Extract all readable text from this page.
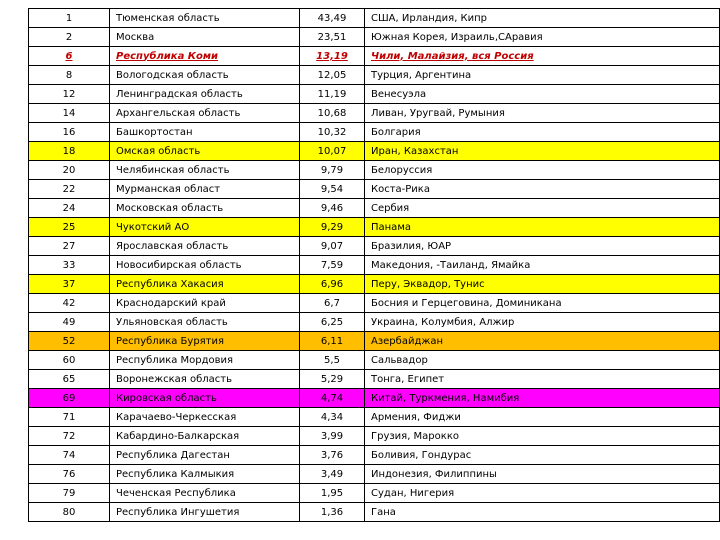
1	Тюменская область	43,49	США, Ирландия, Кипр
2	Москва	23,51	Южная Корея, Израиль,САравия
6	Республика Коми	13,19	Чили, Малайзия, вся Россия
8	Вологодская область	12,05	Турция, Аргентина
12	Ленинградская область	11,19	Венесуэла
14	Архангельская область	10,68	Ливан, Уругвай, Румыния
16	Башкортостан	10,32	Болгария
18	Омская область	10,07	Иран, Казахстан
20	Челябинская область	9,79	Белоруссия
22	Мурманская област	9,54	Коста-Рика
24	Московская область	9,46	Сербия
25	Чукотский АО	9,29	Панама
27	Ярославская область	9,07	Бразилия, ЮАР
33	Новосибирская область	7,59	Македония, -Таиланд, Ямайка
37	Республика Хакасия	6,96	Перу, Эквадор, Тунис
42	Краснодарский край	6,7	Босния и Герцеговина, Доминикана
49	Ульяновская область	6,25	Украина, Колумбия, Алжир
52	Республика Бурятия	6,11	Азербайджан
60	Республика Мордовия	5,5	Сальвадор
65	Воронежская область	5,29	Тонга, Египет
69	Кировская область	4,74	Китай, Туркмения, Намибия
71	Карачаево-Черкесская	4,34	Армения, Фиджи
72	Кабардино-Балкарская	3,99	Грузия, Марокко
74	Республика Дагестан	3,76	Боливия, Гондурас
76	Республика Калмыкия	3,49	Индонезия, Филиппины
79	Чеченская Республика	1,95	Судан, Нигерия
80	Республика Ингушетия	1,36	Гана
